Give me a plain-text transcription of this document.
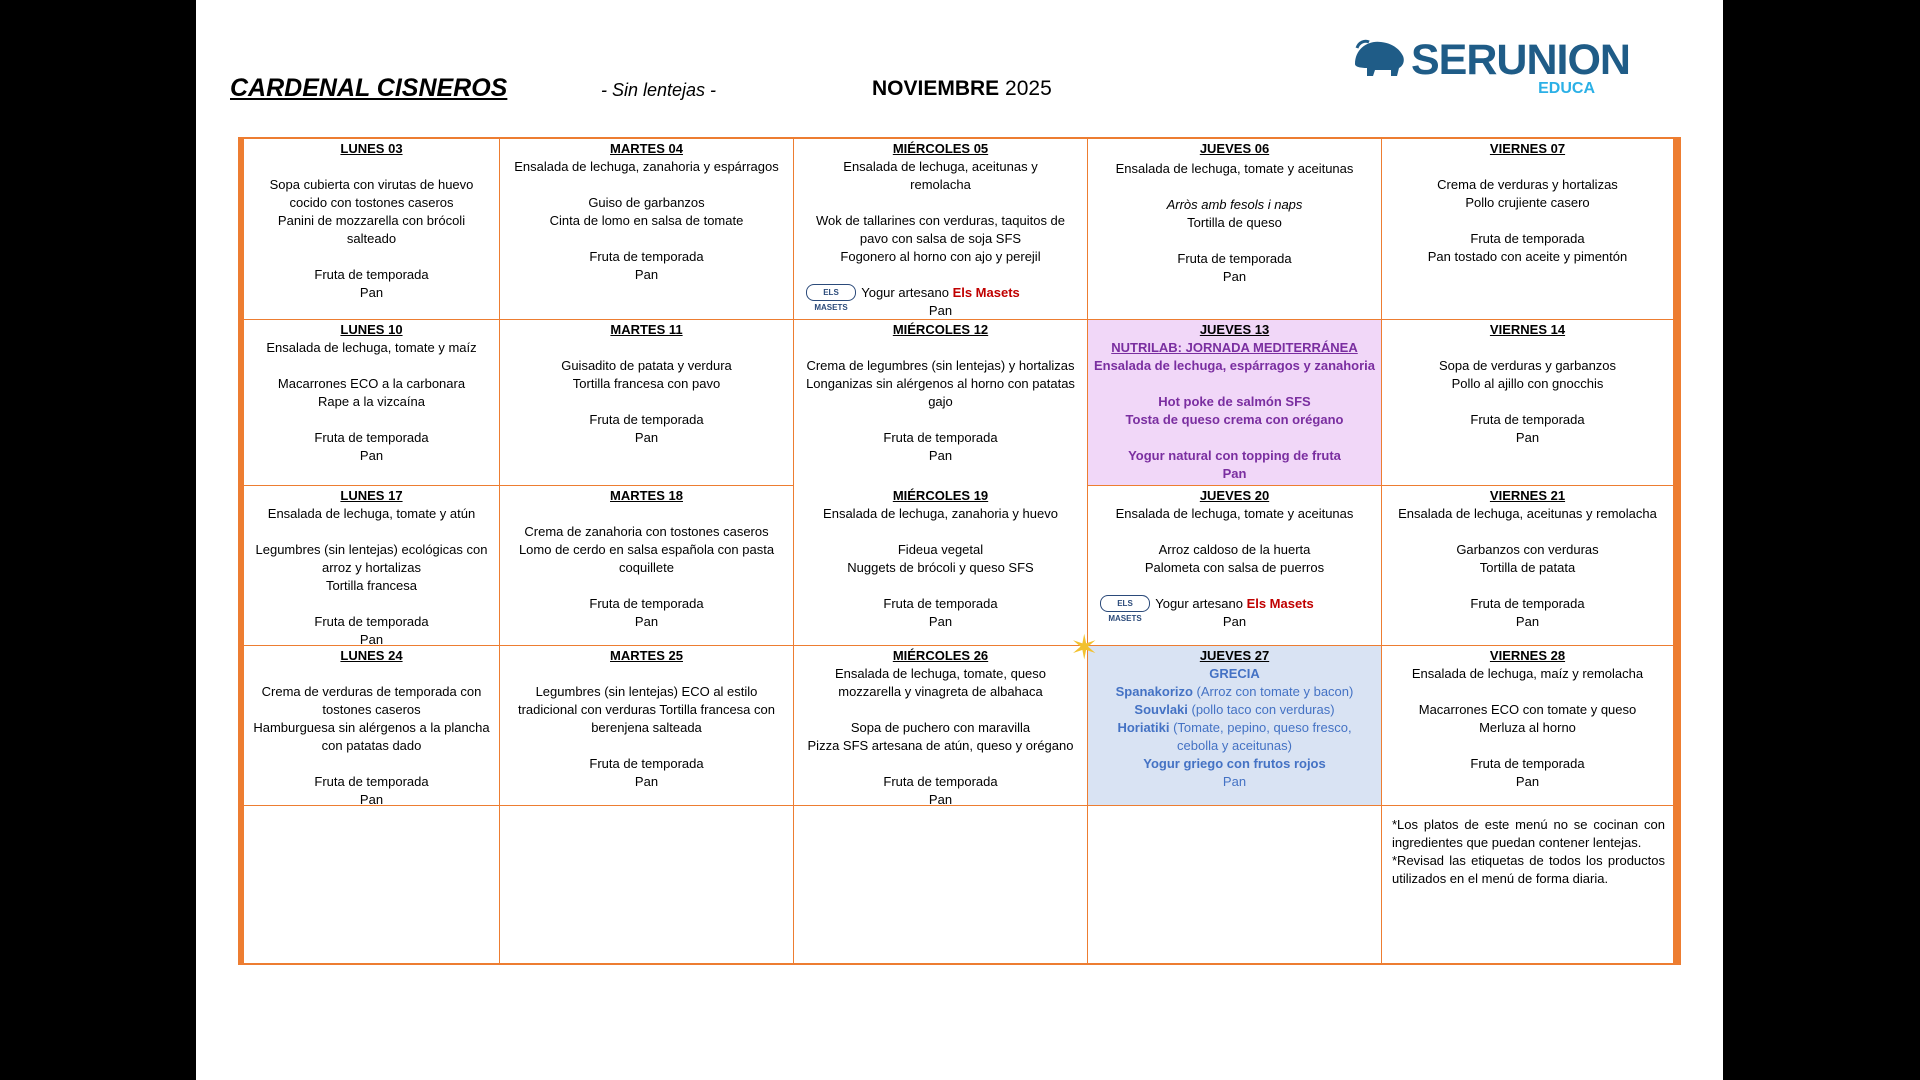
CARDENAL CISNEROS	- Sin lentejas -	NOVIEMBRE 2025
SERUNION
EDUCA
LUNES 03
Sopa cubierta con virutas de huevo
cocido con tostones caseros
Panini de mozzarella con brócoli
salteado
Fruta de temporada
Pan
MARTES 04
Ensalada de lechuga, zanahoria y espárragos
Guiso de garbanzos
Cinta de lomo en salsa de tomate
Fruta de temporada
Pan
MIÉRCOLES 05
Ensalada de lechuga, aceitunas y
remolacha
Wok de tallarines con verduras, taquitos de
pavo con salsa de soja SFS
Fogonero al horno con ajo y perejil
ELS MASETS
Yogur artesano Els Masets
Pan
JUEVES 06
Ensalada de lechuga, tomate y aceitunas
Arròs amb fesols i naps
Tortilla de queso
Fruta de temporada
Pan
VIERNES 07
Crema de verduras y hortalizas
Pollo crujiente casero
Fruta de temporada
Pan tostado con aceite y pimentón
LUNES 10
Ensalada de lechuga, tomate y maíz
Macarrones ECO a la carbonara
Rape a la vizcaína
Fruta de temporada
Pan
MARTES 11
Guisadito de patata y verdura
Tortilla francesa con pavo
Fruta de temporada
Pan
MIÉRCOLES 12
Crema de legumbres (sin lentejas) y hortalizas
Longanizas sin alérgenos al horno con patatas
gajo
Fruta de temporada
Pan
JUEVES 13
NUTRILAB: JORNADA MEDITERRÁNEA
Ensalada de lechuga, espárragos y zanahoria
Hot poke de salmón SFS
Tosta de queso crema con orégano
Yogur natural con topping de fruta
Pan
VIERNES 14
Sopa de verduras y garbanzos
Pollo al ajillo con gnocchis
Fruta de temporada
Pan
LUNES 17
Ensalada de lechuga, tomate y atún
Legumbres (sin lentejas) ecológicas con
arroz y hortalizas
Tortilla francesa
Fruta de temporada
Pan
MARTES 18
Crema de zanahoria con tostones caseros
Lomo de cerdo en salsa española con pasta
coquillete
Fruta de temporada
Pan
MIÉRCOLES 19
Ensalada de lechuga, zanahoria y huevo
Fideua vegetal
Nuggets de brócoli y queso SFS
Fruta de temporada
Pan
JUEVES 20
Ensalada de lechuga, tomate y aceitunas
Arroz caldoso de la huerta
Palometa con salsa de puerros
ELS MASETS
Yogur artesano Els Masets
Pan
VIERNES 21
Ensalada de lechuga, aceitunas y remolacha
Garbanzos con verduras
Tortilla de patata
Fruta de temporada
Pan
LUNES 24
Crema de verduras de temporada con
tostones caseros
Hamburguesa sin alérgenos a la plancha
con patatas dado
Fruta de temporada
Pan
MARTES 25
Legumbres (sin lentejas) ECO al estilo
tradicional con verduras Tortilla francesa con
berenjena salteada
Fruta de temporada
Pan
MIÉRCOLES 26
Ensalada de lechuga, tomate, queso
mozzarella y vinagreta de albahaca
Sopa de puchero con maravilla
Pizza SFS artesana de atún, queso y orégano
Fruta de temporada
Pan
JUEVES 27
GRECIA
Spanakorizo (Arroz con tomate y bacon)
Souvlaki (pollo taco con verduras)
Horiatiki (Tomate, pepino, queso fresco,
cebolla y aceitunas)
Yogur griego con frutos rojos
Pan
VIERNES 28
Ensalada de lechuga, maíz y remolacha
Macarrones ECO con tomate y queso
Merluza al horno
Fruta de temporada
Pan
✶
*Los platos de este menú no se cocinan con ingredientes que puedan contener lentejas.
*Revisad las etiquetas de todos los productos utilizados en el menú de forma diaria.
